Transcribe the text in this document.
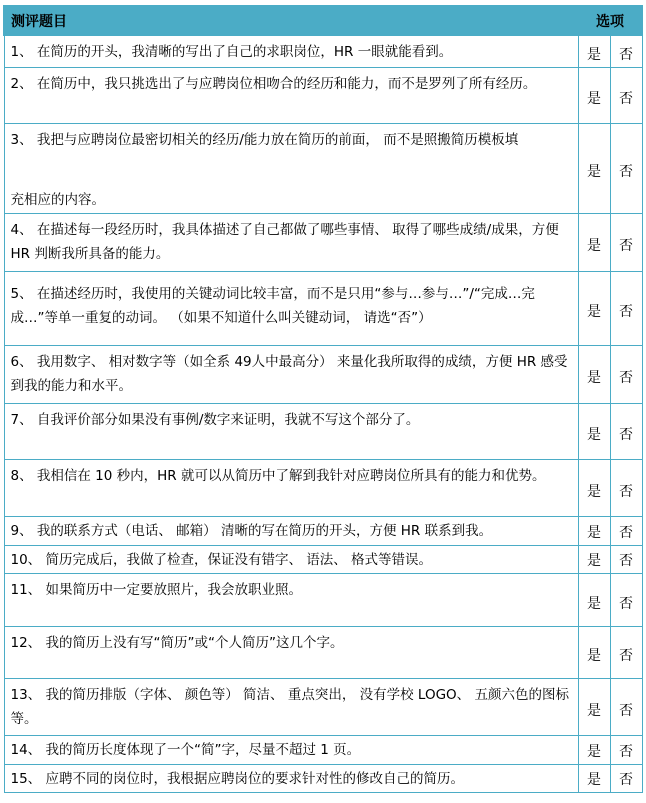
测评题目	选项	
1、 在简历的开头，我清晰的写出了自己的求职岗位，HR 一眼就能看到。	是	否
2、 在简历中，我只挑选出了与应聘岗位相吻合的经历和能力，而不是罗列了所有经历。	是	否

3、 我把与应聘岗位最密切相关的经历/能力放在简历的前面， 而不是照搬简历模板填
充相应的内容。	是	否
4、 在描述每一段经历时，我具体描述了自己都做了哪些事情、 取得了哪些成绩/成果，方便 HR 判断我所具备的能力。	是	否
5、 在描述经历时，我使用的关键动词比较丰富，而不是只用“参与…参与…”/“完成…完成…”等单一重复的动词。 （如果不知道什么叫关键动词， 请选“否”）	是	否
6、 我用数字、 相对数字等（如全系 49人中最高分） 来量化我所取得的成绩，方便 HR 感受到我的能力和水平。	是	否
7、 自我评价部分如果没有事例/数字来证明，我就不写这个部分了。	是	否
8、 我相信在 10 秒内，HR 就可以从简历中了解到我针对应聘岗位所具有的能力和优势。	是	否
9、 我的联系方式（电话、 邮箱） 清晰的写在简历的开头，方便 HR 联系到我。	是	否
10、 简历完成后，我做了检查，保证没有错字、 语法、 格式等错误。	是	否
11、 如果简历中一定要放照片，我会放职业照。	是	否
12、 我的简历上没有写“简历”或“个人简历”这几个字。	是	否
13、 我的简历排版（字体、 颜色等） 简洁、 重点突出， 没有学校 LOGO、 五颜六色的图标等。	是	否
14、 我的简历长度体现了一个“简”字，尽量不超过 1 页。	是	否
15、 应聘不同的岗位时，我根据应聘岗位的要求针对性的修改自己的简历。	是	否
